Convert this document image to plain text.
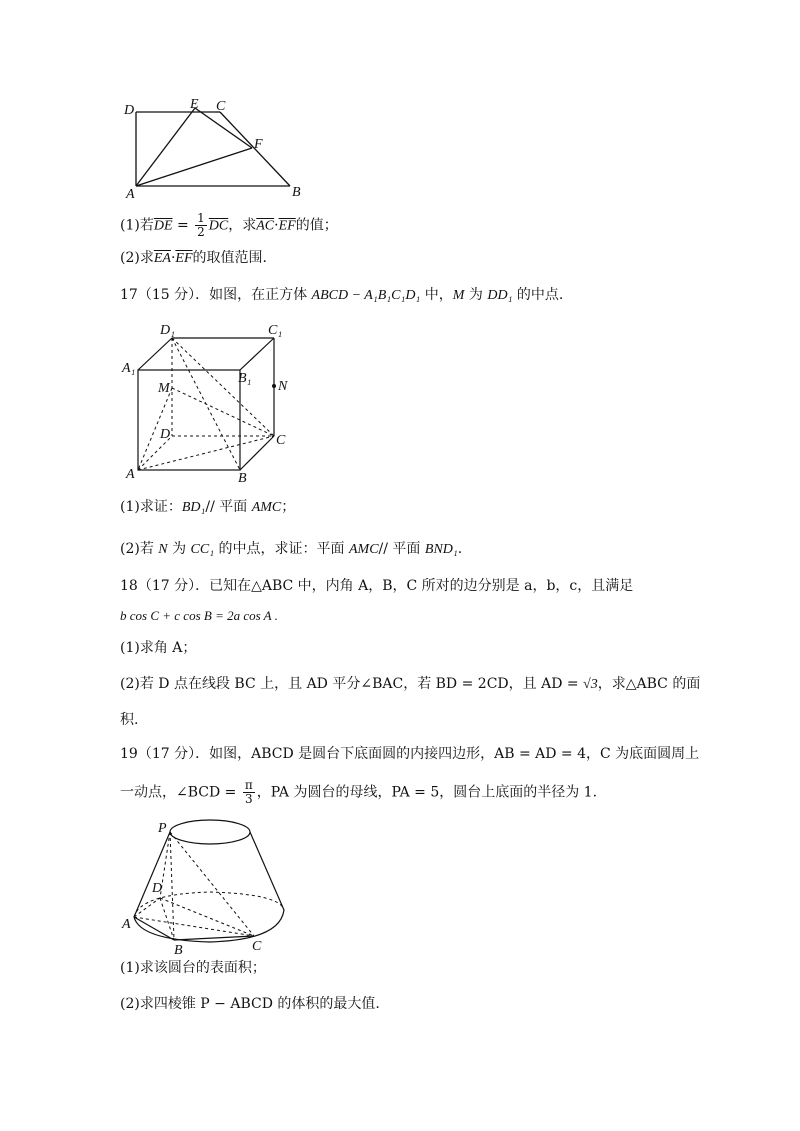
D	E C
F
A	B
(1)若$\overline{DE} = \frac{1}{2} \overline{DC}$，求$\overline{AC}\cdot\overline{EF}$的值；
(2)求$\overline{EA}\cdot\overline{EF}$的取值范围.
17（15 分）．如图，在正方体 ABCD − A₁B₁C₁D₁ 中，M 为 DD₁ 的中点.
D₁	C₁
A₁
B₁
M	N
D	C
A	B
(1)求证：BD₁// 平面 AMC；
(2)若 N 为 CC₁ 的中点，求证：平面 AMC// 平面 BND₁.
18（17 分）．已知在△ABC 中，内角 A，B，C 所对的边分别是 a，b，c，且满足
b cos C + c cos B = 2a cos A .
(1)求角 A；
(2)若 D 点在线段 BC 上，且 AD 平分∠BAC，若 BD = 2CD，且 AD = √3，求△ABC 的面
积.
19（17 分）．如图，ABCD 是圆台下底面圆的内接四边形，AB = AD = 4，C 为底面圆周上
一动点，∠BCD = $\frac{\pi}{3}$ ，PA 为圆台的母线，PA = 5，圆台上底面的半径为 1.
P
D
A
B	C
(1)求该圆台的表面积；
(2)求四棱锥 P − ABCD 的体积的最大值.
